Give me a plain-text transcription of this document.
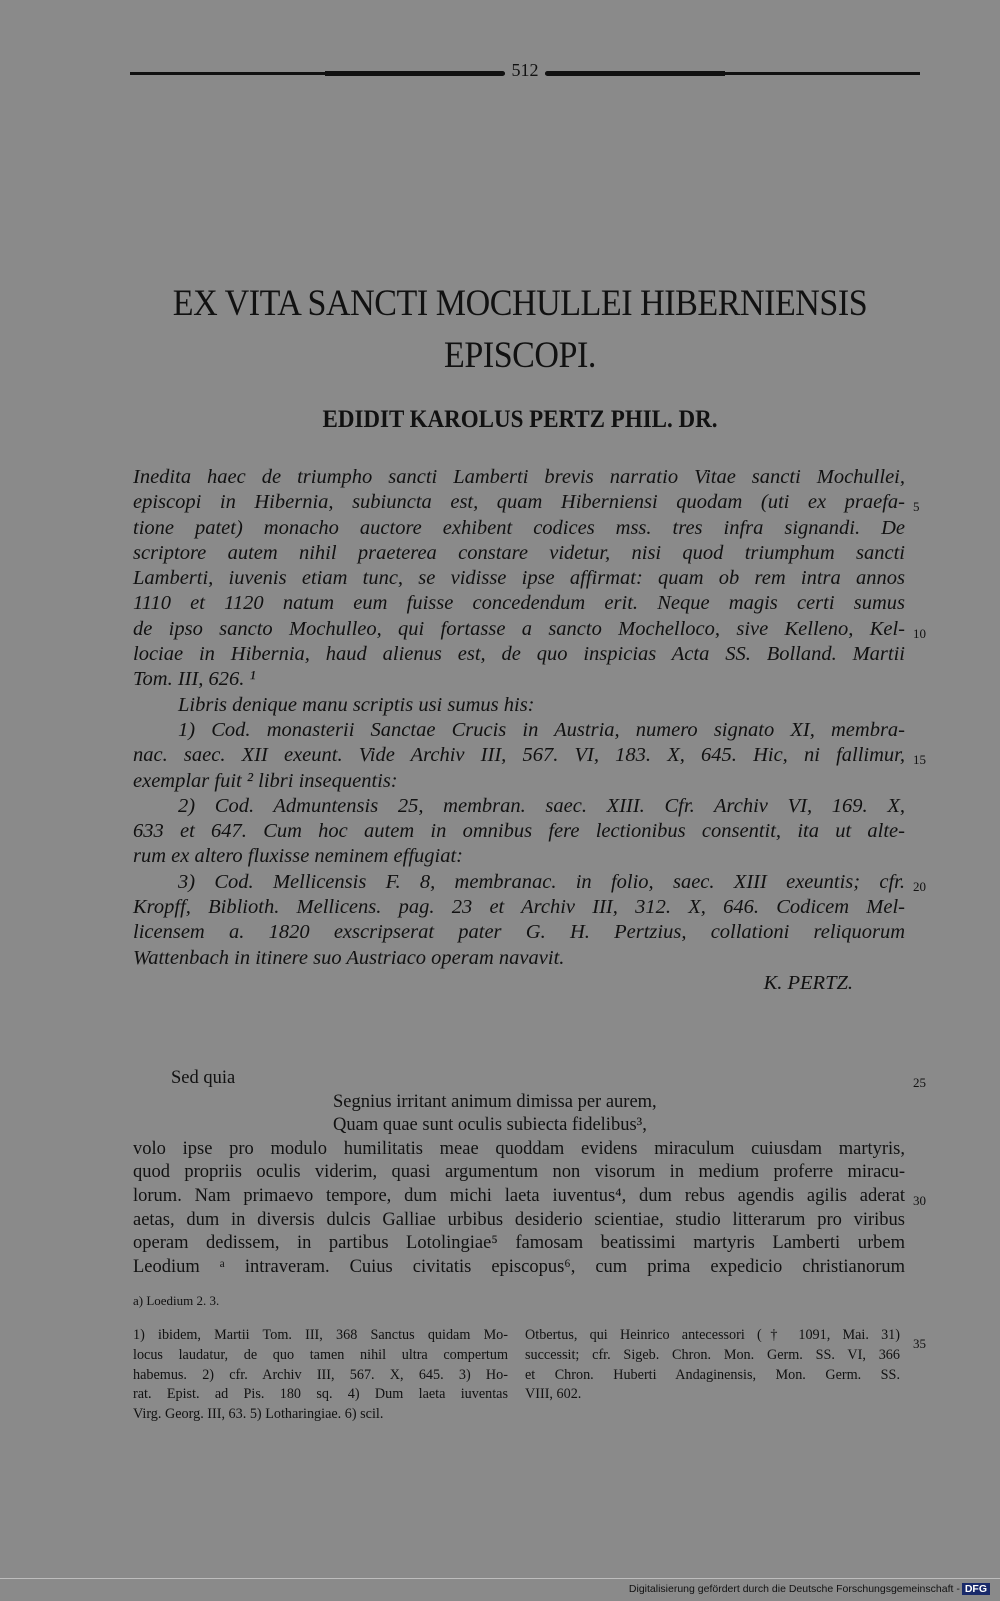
512
EX VITA SANCTI MOCHULLEI HIBERNIENSIS
EPISCOPI.
EDIDIT KAROLUS PERTZ PHIL. DR.
Inedita haec de triumpho sancti Lamberti brevis narratio Vitae sancti Mochullei,
episcopi in Hibernia, subiuncta est, quam Hiberniensi quodam (uti ex praefa- 5
tione patet) monacho auctore exhibent codices mss. tres infra signandi. De
scriptore autem nihil praeterea constare videtur, nisi quod triumphum sancti
Lamberti, iuvenis etiam tunc, se vidisse ipse affirmat: quam ob rem intra annos
1110 et 1120 natum eum fuisse concedendum erit. Neque magis certi sumus
de ipso sancto Mochulleo, qui fortasse a sancto Mochelloco, sive Kelleno, Kel- 10
lociae in Hibernia, haud alienus est, de quo inspicias Acta SS. Bolland. Martii
Tom. III, 626. ¹
Libris denique manu scriptis usi sumus his:
1) Cod. monasterii Sanctae Crucis in Austria, numero signato XI, membra-
nac. saec. XII exeunt. Vide Archiv III, 567. VI, 183. X, 645. Hic, ni fallimur, 15
exemplar fuit ² libri insequentis:
2) Cod. Admuntensis 25, membran. saec. XIII. Cfr. Archiv VI, 169. X,
633 et 647. Cum hoc autem in omnibus fere lectionibus consentit, ita ut alte-
rum ex altero fluxisse neminem effugiat:
3) Cod. Mellicensis F. 8, membranac. in folio, saec. XIII exeuntis; cfr. 20
Kropff, Biblioth. Mellicens. pag. 23 et Archiv III, 312. X, 646. Codicem Mel-
licensem a. 1820 exscripserat pater G. H. Pertzius, collationi reliquorum
Wattenbach in itinere suo Austriaco operam navavit.
K. PERTZ.
Sed quia	25
Segnius irritant animum dimissa per aurem,
Quam quae sunt oculis subiecta fidelibus³,
volo ipse pro modulo humilitatis meae quoddam evidens miraculum cuiusdam martyris,
quod propriis oculis viderim, quasi argumentum non visorum in medium proferre miracu-
lorum. Nam primaevo tempore, dum michi laeta iuventus⁴, dum rebus agendis agilis aderat 30
aetas, dum in diversis dulcis Galliae urbibus desiderio scientiae, studio litterarum pro viribus
operam dedissem, in partibus Lotolingiae⁵ famosam beatissimi martyris Lamberti urbem
Leodium ᵃ intraveram. Cuius civitatis episcopus⁶, cum prima expedicio christianorum
a) Loedium 2. 3.
1) ibidem, Martii Tom. III, 368 Sanctus quidam Mo-
locus laudatur, de quo tamen nihil ultra compertum
habemus. 2) cfr. Archiv III, 567. X, 645. 3) Ho-
rat. Epist. ad Pis. 180 sq. 4) Dum laeta iuventas
Virg. Georg. III, 63. 5) Lotharingiae. 6) scil.
Otbertus, qui Heinrico antecessori († 1091, Mai. 31)
successit; cfr. Sigeb. Chron. Mon. Germ. SS. VI, 366
et Chron. Huberti Andaginensis, Mon. Germ. SS.
VIII, 602.
35
Digitalisierung gefördert durch die Deutsche Forschungsgemeinschaft - DFG
